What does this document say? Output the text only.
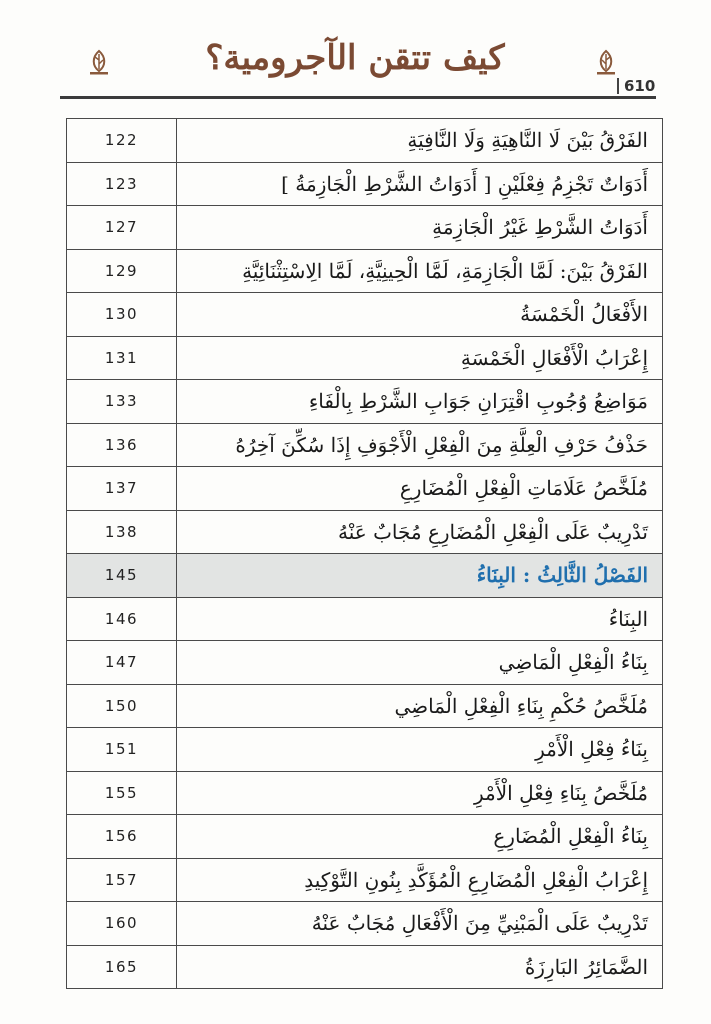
كيف تتقن الآجرومية؟
610
122	الفَرْقُ بَيْنَ لَا النَّاهِيَةِ وَلَا النَّافِيَةِ
123	أَدَوَاتٌ تَجْزِمُ فِعْلَيْنِ [ أَدَوَاتُ الشَّرْطِ الْجَازِمَةُ ]
127	أَدَوَاتُ الشَّرْطِ غَيْرُ الْجَازِمَةِ
129	الفَرْقُ بَيْنَ: لَمَّا الْجَازِمَةِ، لَمَّا الْحِينِيَّةِ، لَمَّا الِاسْتِثْنَائِيَّةِ
130	الأَفْعَالُ الْخَمْسَةُ
131	إِعْرَابُ الْأَفْعَالِ الْخَمْسَةِ
133	مَوَاضِعُ وُجُوبِ اقْتِرَانِ جَوَابِ الشَّرْطِ بِالْفَاءِ
136	حَذْفُ حَرْفِ الْعِلَّةِ مِنَ الْفِعْلِ الْأَجْوَفِ إِذَا سُكِّنَ آخِرُهُ
137	مُلَخَّصُ عَلَامَاتِ الْفِعْلِ الْمُضَارِعِ
138	تَدْرِيبٌ عَلَى الْفِعْلِ الْمُضَارِعِ مُجَابٌ عَنْهُ
145	الفَصْلُ الثَّالِثُ : البِنَاءُ
146	البِنَاءُ
147	بِنَاءُ الْفِعْلِ الْمَاضِي
150	مُلَخَّصُ حُكْمِ بِنَاءِ الْفِعْلِ الْمَاضِي
151	بِنَاءُ فِعْلِ الْأَمْرِ
155	مُلَخَّصُ بِنَاءِ فِعْلِ الْأَمْرِ
156	بِنَاءُ الْفِعْلِ الْمُضَارِعِ
157	إِعْرَابُ الْفِعْلِ الْمُضَارِعِ الْمُؤَكَّدِ بِنُونِ التَّوْكِيدِ
160	تَدْرِيبٌ عَلَى الْمَبْنِيِّ مِنَ الْأَفْعَالِ مُجَابٌ عَنْهُ
165	الضَّمَائِرُ البَارِزَةُ
